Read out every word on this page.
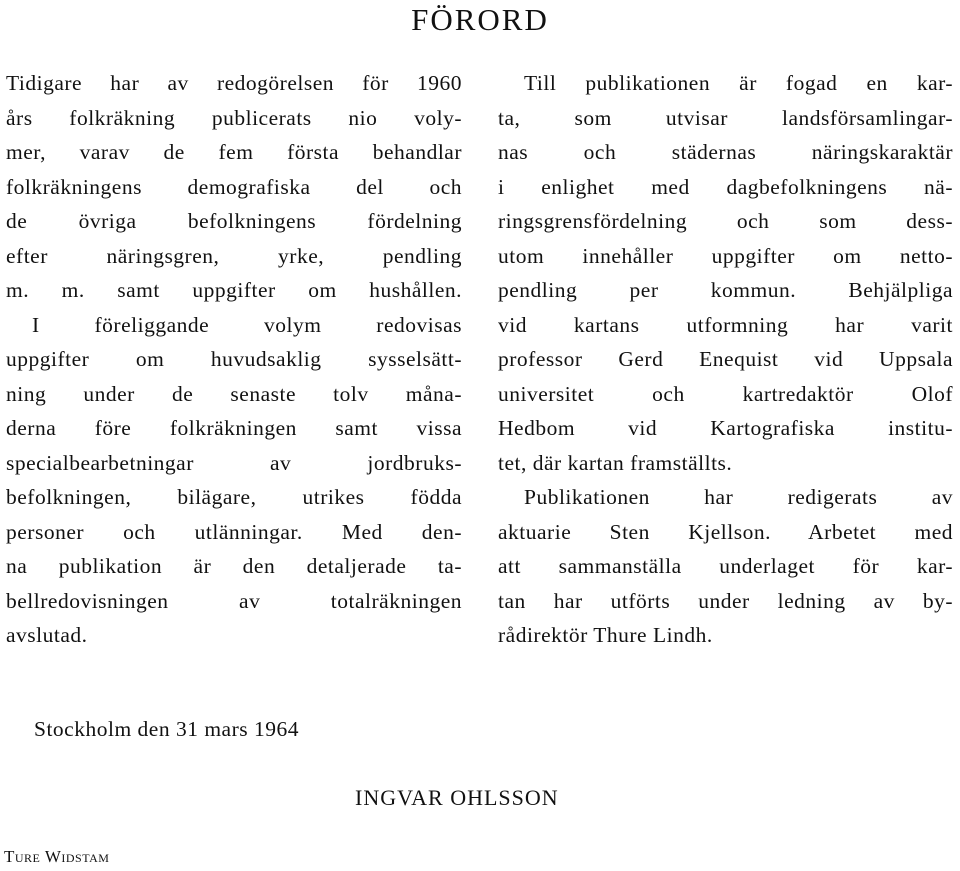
FÖRORD

Tidigare har av redogörelsen för 1960
års folkräkning publicerats nio voly-
mer, varav de fem första behandlar
folkräkningens demografiska del och
de övriga befolkningens fördelning
efter näringsgren, yrke, pendling
m. m. samt uppgifter om hushållen.

I föreliggande volym redovisas
uppgifter om huvudsaklig sysselsätt-
ning under de senaste tolv måna-
derna före folkräkningen samt vissa
specialbearbetningar av jordbruks-
befolkningen, bilägare, utrikes födda
personer och utlänningar. Med den-
na publikation är den detaljerade ta-
bellredovisningen av totalräkningen
avslutad.

Till publikationen är fogad en kar-
ta, som utvisar landsförsamlingar-
nas och städernas näringskaraktär
i enlighet med dagbefolkningens nä-
ringsgrensfördelning och som dess-
utom innehåller uppgifter om netto-
pendling per kommun. Behjälpliga
vid kartans utformning har varit
professor Gerd Enequist vid Uppsala
universitet och kartredaktör Olof
Hedbom vid Kartografiska institu-
tet, där kartan framställts.

Publikationen har redigerats av
aktuarie Sten Kjellson. Arbetet med
att sammanställa underlaget för kar-
tan har utförts under ledning av by-
rådirektör Thure Lindh.

Stockholm den 31 mars 1964
INGVAR OHLSSON
Ture Widstam
